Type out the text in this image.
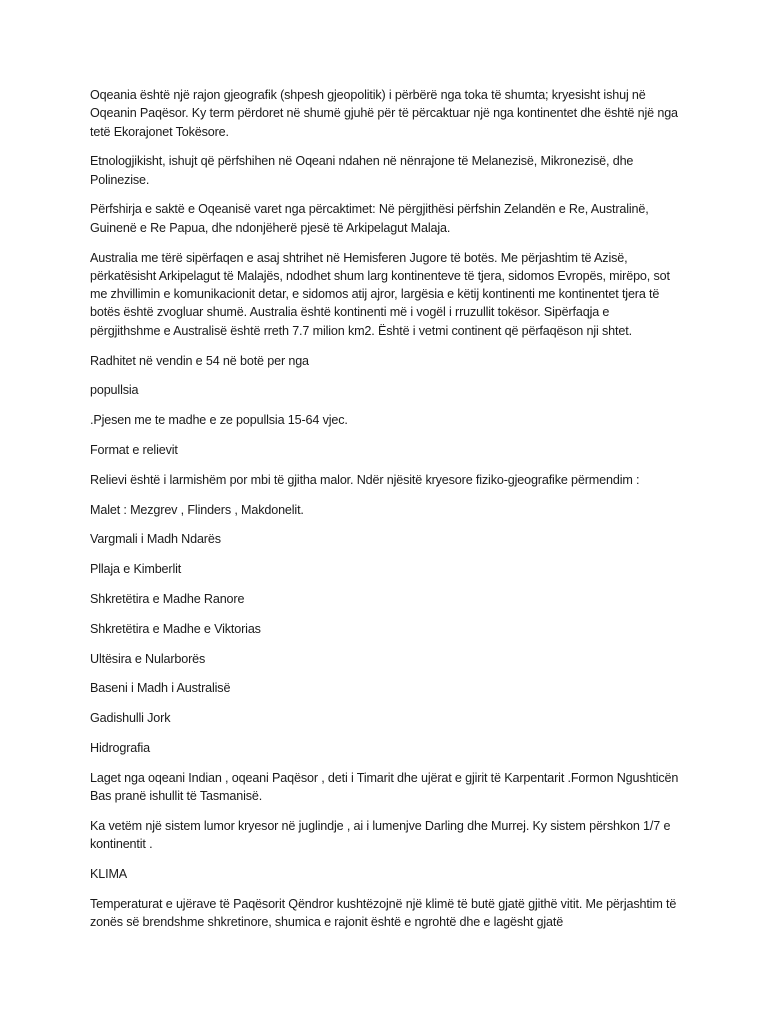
Oqeania është një rajon gjeografik (shpesh gjeopolitik) i përbërë nga toka të shumta; kryesisht ishuj në Oqeanin Paqësor. Ky term përdoret në shumë gjuhë për të përcaktuar një nga kontinentet dhe është një nga tetë Ekorajonet Tokësore.

Etnologjikisht, ishujt që përfshihen në Oqeani ndahen në nënrajone të Melanezisë, Mikronezisë, dhe Polinezise.

Përfshirja e saktë e Oqeanisë varet nga përcaktimet: Në përgjithësi përfshin Zelandën e Re, Australinë, Guinenë e Re Papua, dhe ndonjëherë pjesë të Arkipelagut Malaja.

Australia me tërë sipërfaqen e asaj shtrihet në Hemisferen Jugore të botës. Me përjashtim të Azisë, përkatësisht Arkipelagut të Malajës, ndodhet shum larg kontinenteve të tjera, sidomos Evropës, mirëpo, sot me zhvillimin e komunikacionit detar, e sidomos atij ajror, largësia e këtij kontinenti me kontinentet tjera të botës është zvogluar shumë. Australia është kontinenti më i vogël i rruzullit tokësor. Sipërfaqja e përgjithshme e Australisë është rreth 7.7 milion km2. Është i vetmi continent që përfaqëson nji shtet.

Radhitet në vendin e 54 në botë per nga

popullsia

.Pjesen me te madhe e ze popullsia 15-64 vjec.

Format e relievit

Relievi është i larmishëm por mbi të gjitha malor. Ndër njësitë kryesore fiziko-gjeografike përmendim :

Malet : Mezgrev , Flinders , Makdonelit.

Vargmali i Madh Ndarës

Pllaja e Kimberlit

Shkretëtira e Madhe Ranore

Shkretëtira e Madhe e Viktorias

Ultësira e Nularborës

Baseni i Madh i Australisë

Gadishulli Jork

Hidrografia

Laget nga oqeani Indian , oqeani Paqësor , deti i Timarit dhe ujërat e gjirit të Karpentarit .Formon Ngushticën Bas pranë ishullit të Tasmanisë.

Ka vetëm një sistem lumor kryesor në juglindje , ai i lumenjve Darling dhe Murrej. Ky sistem përshkon 1/7 e kontinentit .

KLIMA

Temperaturat e ujërave të Paqësorit Qëndror kushtëzojnë një klimë të butë gjatë gjithë vitit. Me përjashtim të zonës së brendshme shkretinore, shumica e rajonit është e ngrohtë dhe e lagësht gjatë
